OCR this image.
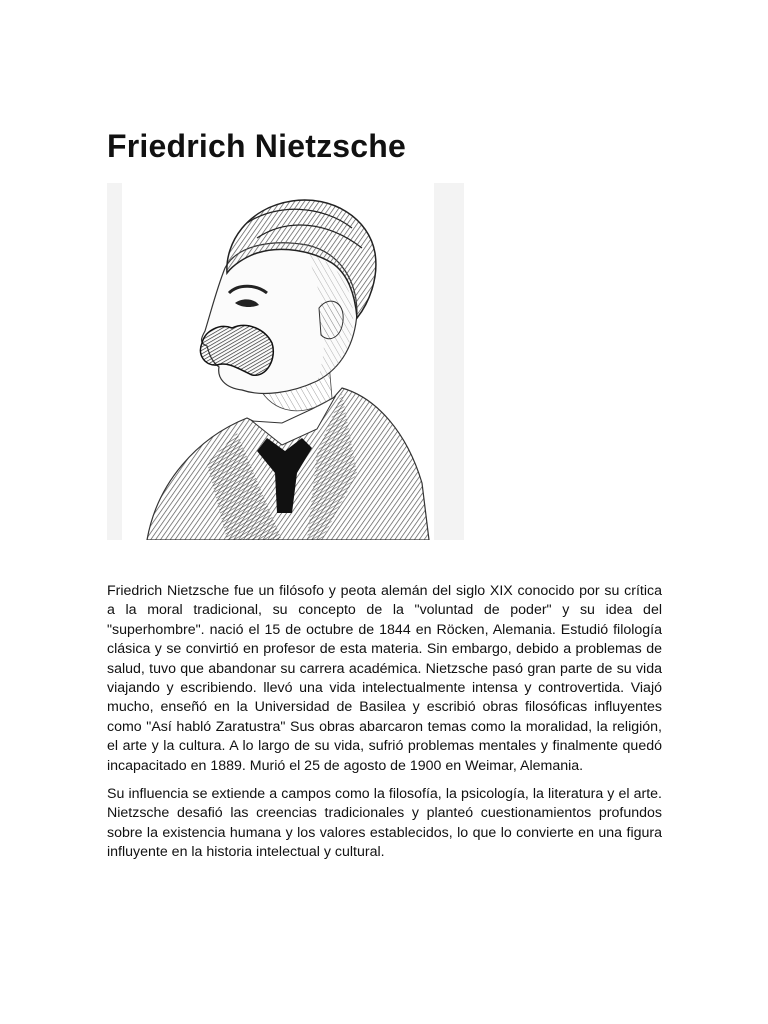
Friedrich Nietzsche

Friedrich Nietzsche fue un filósofo y peota alemán del siglo XIX conocido por su crítica a la moral tradicional, su concepto de la "voluntad de poder" y su idea del "superhombre". nació el 15 de octubre de 1844 en Röcken, Alemania. Estudió filología clásica y se convirtió en profesor de esta materia. Sin embargo, debido a problemas de salud, tuvo que abandonar su carrera académica. Nietzsche pasó gran parte de su vida viajando y escribiendo. llevó una vida intelectualmente intensa y controvertida. Viajó mucho, enseñó en la Universidad de Basilea y escribió obras filosóficas influyentes como "Así habló Zaratustra" Sus obras abarcaron temas como la moralidad, la religión, el arte y la cultura. A lo largo de su vida, sufrió problemas mentales y finalmente quedó incapacitado en 1889. Murió el 25 de agosto de 1900 en Weimar, Alemania.

Su influencia se extiende a campos como la filosofía, la psicología, la literatura y el arte. Nietzsche desafió las creencias tradicionales y planteó cuestionamientos profundos sobre la existencia humana y los valores establecidos, lo que lo convierte en una figura influyente en la historia intelectual y cultural.
